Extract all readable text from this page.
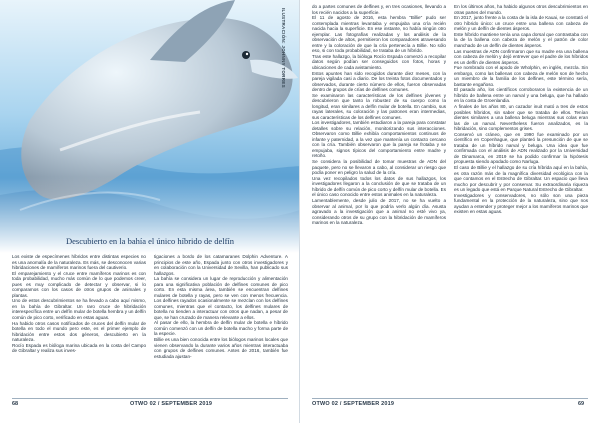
ILUSTRACIÓN: JOHNNY TORRES
Descubierto en la bahía el único híbrido de delfín

Los existe de especímenes híbridos entre distintas especies no es una anomalía de la naturaleza. Es más, se desconocen varias hibridaciones de mamíferos marinos fuera del cautiverio.

El emparejamiento y el cruce entre mamíferos marinos es con toda probabilidad, mucho más común de lo que podemos creer, pues es muy complicado de detectar y observar, si lo comparamos con los casos de otros grupos de animales y plantas.

Uno de estos descubrimientos se ha llevado a cabo aquí mismo, en la bahía de Gibraltar. Un raro cruce de hibridación interespecífica entre un delfín mular de botella hembra y un delfín común de pico corto, verificado en estas aguas.

Ha habido otros casos notificados de cruces del delfín mular de botella en todo el mundo pero este, es el primer ejemplo de hibridación entre estos dos géneros, descubierto en la naturaleza.

Rocío Espada es bióloga marina ubicada en la costa del Campo de Gibraltar y realiza sus inves-

tigaciones a bordo de los catamaranes Dolphin Adventure. A principios de este año, Espada junto con otros investigadores y en colaboración con la Universidad de Sevilla, han publicado sus hallazgos.

La bahía se considera un lugar de reproducción y alimentación para una significativa población de delfines comunes de pico corto. En esta misma área, también se encuentran delfines mulares de botella y rayas, pero se ven con menos frecuencia. Los delfines rayados ocasionalmente se mezclan con los delfines comunes, mientras que el contacto, los delfines mulares de botella no tienden a interactuar con otros que nadan, a pesar de que, se han cruzado de manera relevante a ellos.

Al pasar de ello, la hembra de delfín mular de botella e híbrido común comenzó con un delfín de botella macho y forma parte de la especie.

Billie es una bien conocida entre los biólogos marinos locales que vienen observando la durante varios años mientras interactuaba con grupos de delfines comunes. Antes de 2016, también fue estudiada ajustan-

68	OTWO 02 / SEPTEMBER 2019

do a partes comunes de delfines y, en tres ocasiones, llevando a los recién nacidos a la superficie.

El 11 de agosto de 2016, esta hembra "Billie" pudo ser contemplada mientras levantaba y empujaba una cría recién nacida hacia la superficie. En ese instante, no había ningún otro ejemplar. Las fotografías realizadas y los análisis de la observación de altos, permitieron los comparadores atravesando entre y la coloración de que la cría pertenecía a Billie. No sólo eso, si con toda probabilidad, se trataba de un híbrido.

Tras este hallazgo, la bióloga Rocío Espada comenzó a recopilar datos según podían ser conseguidos con fotos, horas y ubicaciones de cada avistamiento.

Estos apuntes han sido recogidos durante diez meses, con la pareja vigilada casi a diario. De los treinta fotos documentados y observados, durante cierto número de ellos, fueron observadas dentro de grupos de crías de delfines comunes.

Se examinaron las características de los delfines jóvenes y descubrieron que tanto la robustez de su cuerpo como la longitud, eran similares a delfín mular de botella. En cambio, sus rayas laterales, su coloración y las patrones eran intermedias, sus características de los delfines comunes.

Los investigadores, también estudiaron a la pareja para constatar detalles sobre su relación, monitorizando sus interacciones. Observaron como Billie exhibía comportamientos continuos de infante y paternidad, a la vez que mantenía un contacto cercano con la cría. También observaron que la pareja se frotaba y se empujaba, signos típicos del comportamiento entre madre y retoño.

Se considera la posibilidad de tomar muestras de ADN del paquete, pero no se llevaron a cabo, al considerar un riesgo que podía poner en peligro la salud de la cría.

Una vez recopilados todos los datos de sus hallazgos, los investigadores llegaron a la conclusión de que se trataba de un híbrido de delfín común de pico corto y delfín mular de botella. Es el único caso conocido entre estos animales en la naturaleza.

Lamentablemente, desde julio de 2017, no se ha vuelto a observar al animal, por lo que podría verlo algún día. Asusta agravado a la investigación que a animal no esté vivo ya, considerando otros de su grupo con la hibridación de mamíferos marinos en la naturaleza.

En los últimos años, ha habido algunos otros descubrimientos en otras partes del mundo.

En 2017, junto frente a la costa de la isla de Kauai, se constató el otro híbrido único: un cruce entre una ballena con cabeza de melón y un delfín de dientes ásperos.

Este híbrido mantiene tenía una capa dorsal que contrastaba con la de la ballena con cabeza de melón y el patrón de color manchado de un delfín de dientes ásperos.

Las muestras de ADN confirmaron que su madre era una ballena con cabeza de melón y dejó entrever que el padre de los híbridos es un delfín de dientes ásperos.

Fue nombrado con el apodo de Wholphin, en inglés, mezcla. Sin embargo, como las ballenas con cabeza de melón son de hecho un miembro de la familia de los delfines, este término sería, bastante engañoso.

El pasado año, los científicos corroboraron la existencia de un híbrido de ballena entre un narval y una beluga, que ha hallado en la costa de Groenlandia.

A finales de los años 80, un cazador inuit mató a tres de estos posibles híbridos, sin saber que se trataba de ellos. Tenían dientes similares a una ballena beluga mientras sus colas eran las de un narval. Nevertheless fueron analizados, es la hibridación, sino complementos grises.

Conservó un cráneo, que en 1990 fue examinado por un científico en Copenhague, que planteó la presunción de que se trataba de un híbrido narval y beluga. Una idea que fue confirmada con el análisis de ADN realizado por la Universidad de Dinamarca, en 2019 se ha podido confirmar la hipótesis propuesta siendo apodado como Narluga.

El caso de Billie y el hallazgo de su cría híbrida aquí en la bahía, es otra razón más de la magnífica diversidad ecológica con la que contamos en el Estrecho de Gibraltar. Un espacio que lleva mucho por descubrir y por conservar. Su extraordinaria riqueza es un legado que está en Parque Natural Estrecho de Gibraltar.

Investigadores y conservadores, no sólo son una pieza fundamental en la protección de la naturaleza, sino que nos ayudan a entender y proteger mejor a los mamíferos marinos que existen en estas aguas.

OTWO 02 / SEPTEMBER 2019	69
